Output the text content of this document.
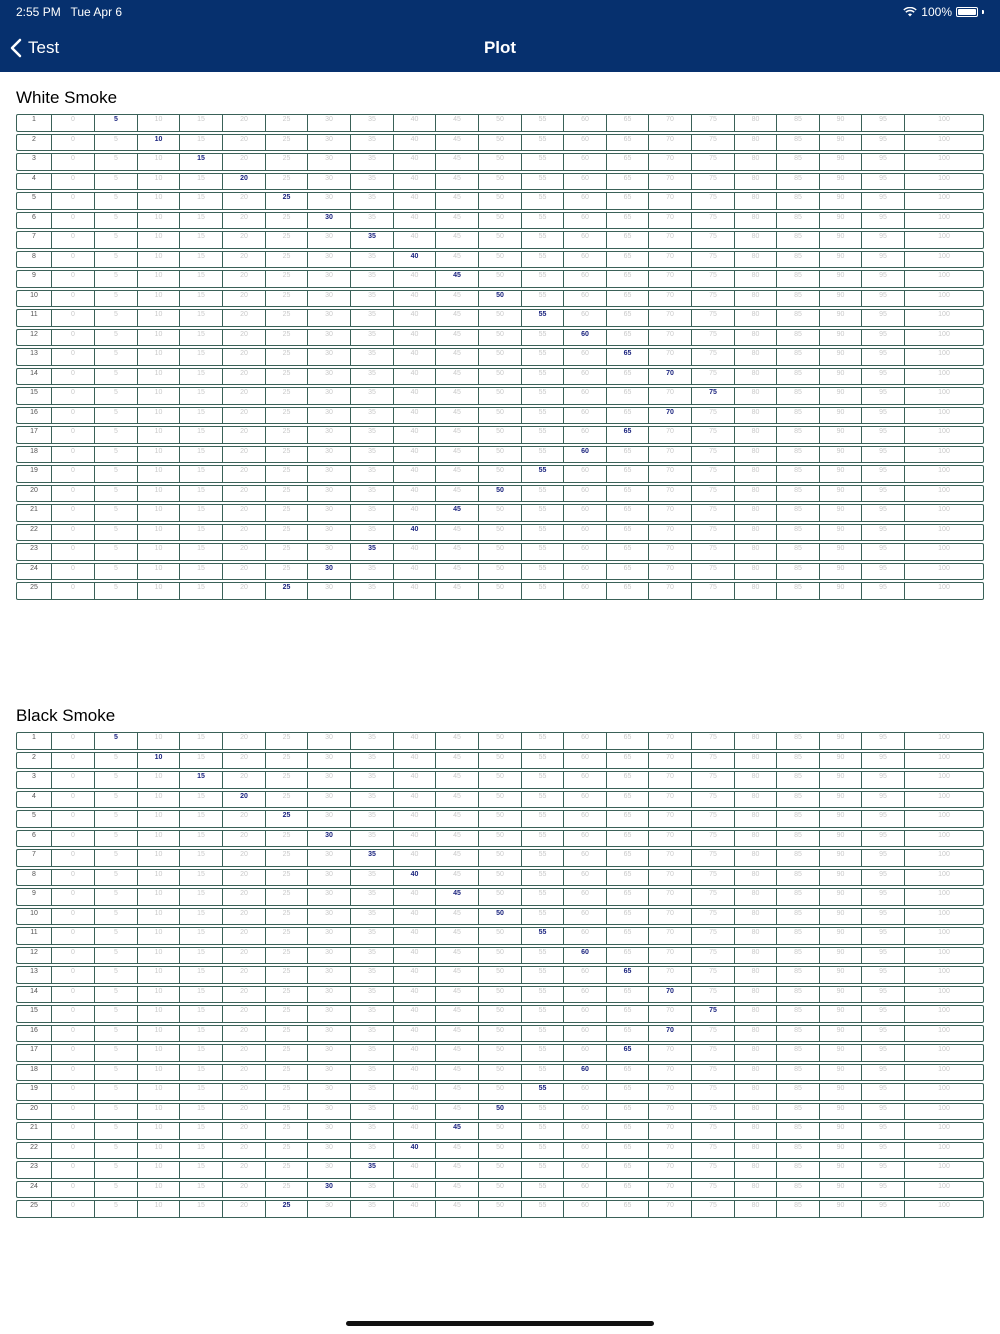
2:55 PM Tue Apr 6	100%
Test	Plot
White Smoke
1	0	5	10	15	20	25	30	35	40	45	50	55	60	65	70	75	80	85	90	95	100
2	0	5	10	15	20	25	30	35	40	45	50	55	60	65	70	75	80	85	90	95	100
3	0	5	10	15	20	25	30	35	40	45	50	55	60	65	70	75	80	85	90	95	100
4	0	5	10	15	20	25	30	35	40	45	50	55	60	65	70	75	80	85	90	95	100
5	0	5	10	15	20	25	30	35	40	45	50	55	60	65	70	75	80	85	90	95	100
6	0	5	10	15	20	25	30	35	40	45	50	55	60	65	70	75	80	85	90	95	100
7	0	5	10	15	20	25	30	35	40	45	50	55	60	65	70	75	80	85	90	95	100
8	0	5	10	15	20	25	30	35	40	45	50	55	60	65	70	75	80	85	90	95	100
9	0	5	10	15	20	25	30	35	40	45	50	55	60	65	70	75	80	85	90	95	100
10	0	5	10	15	20	25	30	35	40	45	50	55	60	65	70	75	80	85	90	95	100
11	0	5	10	15	20	25	30	35	40	45	50	55	60	65	70	75	80	85	90	95	100
12	0	5	10	15	20	25	30	35	40	45	50	55	60	65	70	75	80	85	90	95	100
13	0	5	10	15	20	25	30	35	40	45	50	55	60	65	70	75	80	85	90	95	100
14	0	5	10	15	20	25	30	35	40	45	50	55	60	65	70	75	80	85	90	95	100
15	0	5	10	15	20	25	30	35	40	45	50	55	60	65	70	75	80	85	90	95	100
16	0	5	10	15	20	25	30	35	40	45	50	55	60	65	70	75	80	85	90	95	100
17	0	5	10	15	20	25	30	35	40	45	50	55	60	65	70	75	80	85	90	95	100
18	0	5	10	15	20	25	30	35	40	45	50	55	60	65	70	75	80	85	90	95	100
19	0	5	10	15	20	25	30	35	40	45	50	55	60	65	70	75	80	85	90	95	100
20	0	5	10	15	20	25	30	35	40	45	50	55	60	65	70	75	80	85	90	95	100
21	0	5	10	15	20	25	30	35	40	45	50	55	60	65	70	75	80	85	90	95	100
22	0	5	10	15	20	25	30	35	40	45	50	55	60	65	70	75	80	85	90	95	100
23	0	5	10	15	20	25	30	35	40	45	50	55	60	65	70	75	80	85	90	95	100
24	0	5	10	15	20	25	30	35	40	45	50	55	60	65	70	75	80	85	90	95	100
25	0	5	10	15	20	25	30	35	40	45	50	55	60	65	70	75	80	85	90	95	100
Black Smoke
1	0	5	10	15	20	25	30	35	40	45	50	55	60	65	70	75	80	85	90	95	100
2	0	5	10	15	20	25	30	35	40	45	50	55	60	65	70	75	80	85	90	95	100
3	0	5	10	15	20	25	30	35	40	45	50	55	60	65	70	75	80	85	90	95	100
4	0	5	10	15	20	25	30	35	40	45	50	55	60	65	70	75	80	85	90	95	100
5	0	5	10	15	20	25	30	35	40	45	50	55	60	65	70	75	80	85	90	95	100
6	0	5	10	15	20	25	30	35	40	45	50	55	60	65	70	75	80	85	90	95	100
7	0	5	10	15	20	25	30	35	40	45	50	55	60	65	70	75	80	85	90	95	100
8	0	5	10	15	20	25	30	35	40	45	50	55	60	65	70	75	80	85	90	95	100
9	0	5	10	15	20	25	30	35	40	45	50	55	60	65	70	75	80	85	90	95	100
10	0	5	10	15	20	25	30	35	40	45	50	55	60	65	70	75	80	85	90	95	100
11	0	5	10	15	20	25	30	35	40	45	50	55	60	65	70	75	80	85	90	95	100
12	0	5	10	15	20	25	30	35	40	45	50	55	60	65	70	75	80	85	90	95	100
13	0	5	10	15	20	25	30	35	40	45	50	55	60	65	70	75	80	85	90	95	100
14	0	5	10	15	20	25	30	35	40	45	50	55	60	65	70	75	80	85	90	95	100
15	0	5	10	15	20	25	30	35	40	45	50	55	60	65	70	75	80	85	90	95	100
16	0	5	10	15	20	25	30	35	40	45	50	55	60	65	70	75	80	85	90	95	100
17	0	5	10	15	20	25	30	35	40	45	50	55	60	65	70	75	80	85	90	95	100
18	0	5	10	15	20	25	30	35	40	45	50	55	60	65	70	75	80	85	90	95	100
19	0	5	10	15	20	25	30	35	40	45	50	55	60	65	70	75	80	85	90	95	100
20	0	5	10	15	20	25	30	35	40	45	50	55	60	65	70	75	80	85	90	95	100
21	0	5	10	15	20	25	30	35	40	45	50	55	60	65	70	75	80	85	90	95	100
22	0	5	10	15	20	25	30	35	40	45	50	55	60	65	70	75	80	85	90	95	100
23	0	5	10	15	20	25	30	35	40	45	50	55	60	65	70	75	80	85	90	95	100
24	0	5	10	15	20	25	30	35	40	45	50	55	60	65	70	75	80	85	90	95	100
25	0	5	10	15	20	25	30	35	40	45	50	55	60	65	70	75	80	85	90	95	100
